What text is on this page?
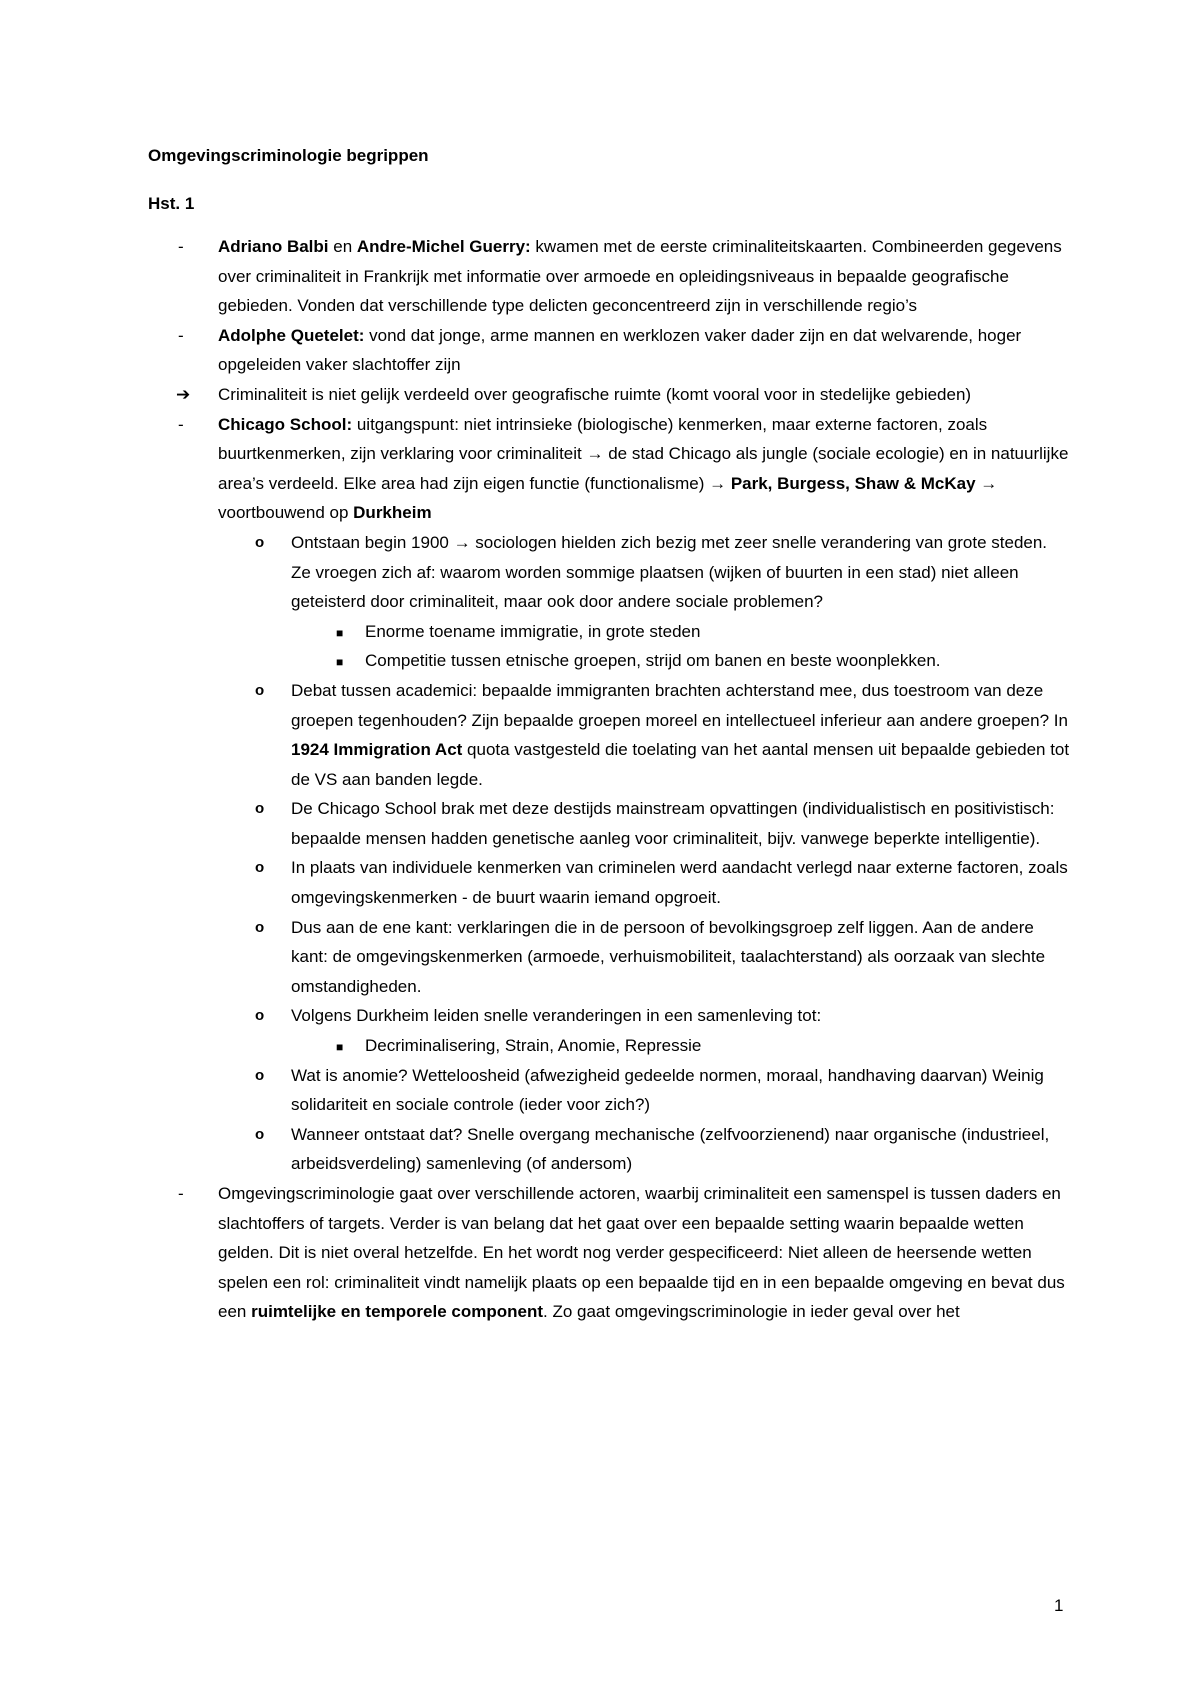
Omgevingscriminologie begrippen
Hst. 1
- Adriano Balbi en Andre-Michel Guerry: kwamen met de eerste criminaliteitskaarten. Combineerden gegevens over criminaliteit in Frankrijk met informatie over armoede en opleidingsniveaus in bepaalde geografische gebieden. Vonden dat verschillende type delicten geconcentreerd zijn in verschillende regio’s
- Adolphe Quetelet: vond dat jonge, arme mannen en werklozen vaker dader zijn en dat welvarende, hoger opgeleiden vaker slachtoffer zijn
➔ Criminaliteit is niet gelijk verdeeld over geografische ruimte (komt vooral voor in stedelijke gebieden)
- Chicago School: uitgangspunt: niet intrinsieke (biologische) kenmerken, maar externe factoren, zoals buurtkenmerken, zijn verklaring voor criminaliteit → de stad Chicago als jungle (sociale ecologie) en in natuurlijke area’s verdeeld. Elke area had zijn eigen functie (functionalisme) → Park, Burgess, Shaw & McKay → voortbouwend op Durkheim
o Ontstaan begin 1900 → sociologen hielden zich bezig met zeer snelle verandering van grote steden. Ze vroegen zich af: waarom worden sommige plaatsen (wijken of buurten in een stad) niet alleen geteisterd door criminaliteit, maar ook door andere sociale problemen?
■ Enorme toename immigratie, in grote steden
■ Competitie tussen etnische groepen, strijd om banen en beste woonplekken.
o Debat tussen academici: bepaalde immigranten brachten achterstand mee, dus toestroom van deze groepen tegenhouden? Zijn bepaalde groepen moreel en intellectueel inferieur aan andere groepen? In 1924 Immigration Act quota vastgesteld die toelating van het aantal mensen uit bepaalde gebieden tot de VS aan banden legde.
o De Chicago School brak met deze destijds mainstream opvattingen (individualistisch en positivistisch: bepaalde mensen hadden genetische aanleg voor criminaliteit, bijv. vanwege beperkte intelligentie).
o In plaats van individuele kenmerken van criminelen werd aandacht verlegd naar externe factoren, zoals omgevingskenmerken - de buurt waarin iemand opgroeit.
o Dus aan de ene kant: verklaringen die in de persoon of bevolkingsgroep zelf liggen. Aan de andere kant: de omgevingskenmerken (armoede, verhuismobiliteit, taalachterstand) als oorzaak van slechte omstandigheden.
o Volgens Durkheim leiden snelle veranderingen in een samenleving tot:
■ Decriminalisering, Strain, Anomie, Repressie
o Wat is anomie? Wetteloosheid (afwezigheid gedeelde normen, moraal, handhaving daarvan) Weinig solidariteit en sociale controle (ieder voor zich?)
o Wanneer ontstaat dat? Snelle overgang mechanische (zelfvoorzienend) naar organische (industrieel, arbeidsverdeling) samenleving (of andersom)
- Omgevingscriminologie gaat over verschillende actoren, waarbij criminaliteit een samenspel is tussen daders en slachtoffers of targets. Verder is van belang dat het gaat over een bepaalde setting waarin bepaalde wetten gelden. Dit is niet overal hetzelfde. En het wordt nog verder gespecificeerd: Niet alleen de heersende wetten spelen een rol: criminaliteit vindt namelijk plaats op een bepaalde tijd en in een bepaalde omgeving en bevat dus een ruimtelijke en temporele component. Zo gaat omgevingscriminologie in ieder geval over het
1
